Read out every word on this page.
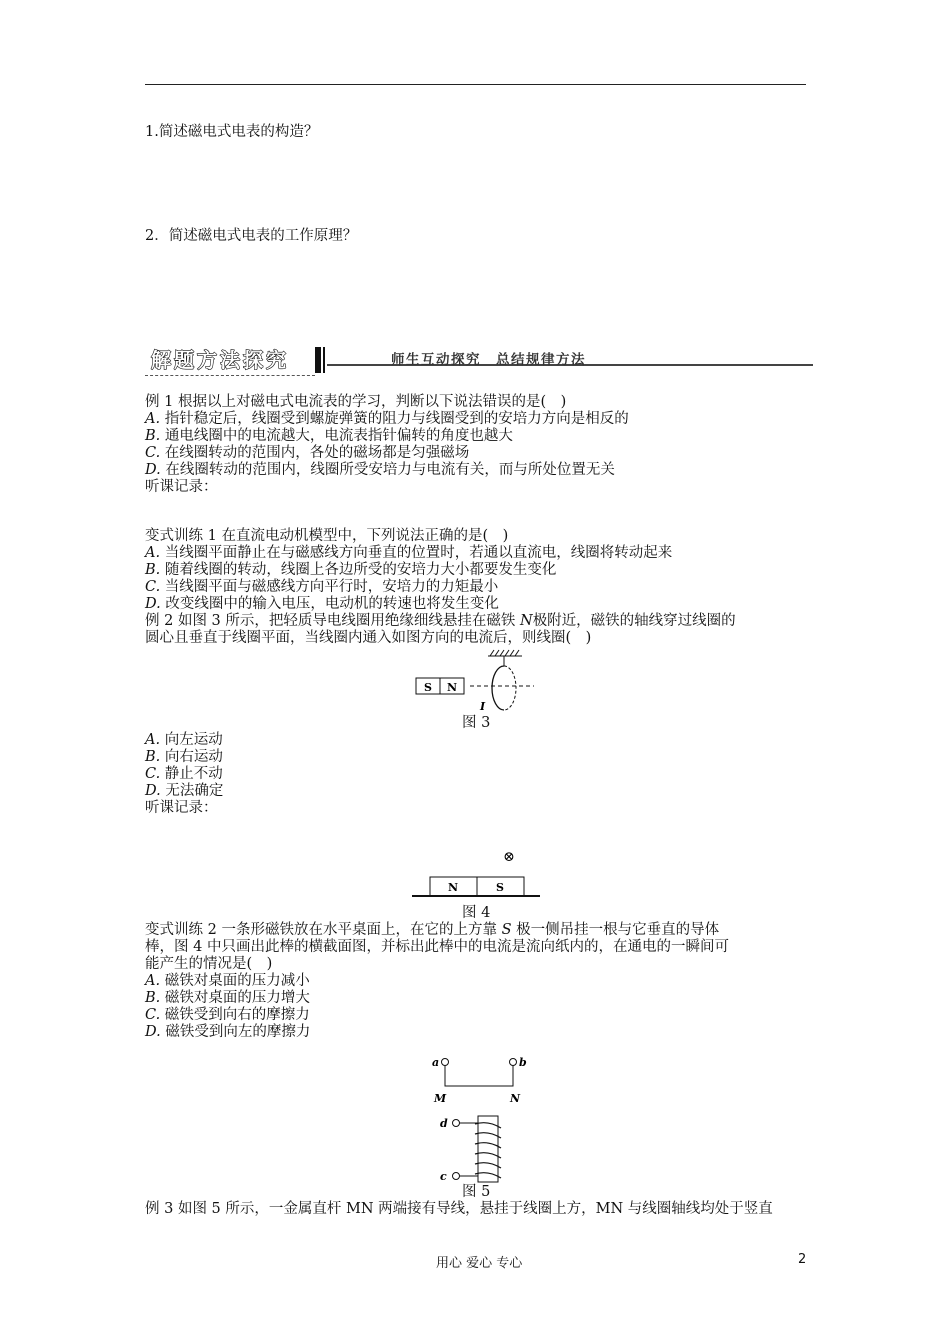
1.简述磁电式电表的构造？
2．简述磁电式电表的工作原理？
解题方法探究	师生互动探究　总结规律方法
例 1 根据以上对磁电式电流表的学习，判断以下说法错误的是(　)
A. 指针稳定后，线圈受到螺旋弹簧的阻力与线圈受到的安培力方向是相反的
B. 通电线圈中的电流越大，电流表指针偏转的角度也越大
C. 在线圈转动的范围内，各处的磁场都是匀强磁场
D. 在线圈转动的范围内，线圈所受安培力与电流有关，而与所处位置无关
听课记录：
变式训练 1 在直流电动机模型中，下列说法正确的是(　)
A. 当线圈平面静止在与磁感线方向垂直的位置时，若通以直流电，线圈将转动起来
B. 随着线圈的转动，线圈上各边所受的安培力大小都要发生变化
C. 当线圈平面与磁感线方向平行时，安培力的力矩最小
D. 改变线圈中的输入电压，电动机的转速也将发生变化
例 2 如图 3 所示，把轻质导电线圈用绝缘细线悬挂在磁铁 N极附近，磁铁的轴线穿过线圈的
圆心且垂直于线圈平面，当线圈内通入如图方向的电流后，则线圈(　)
S N
I
图 3
A. 向左运动
B. 向右运动
C. 静止不动
D. 无法确定
听课记录：
⊗
N	S
图 4
变式训练 2 一条形磁铁放在水平桌面上，在它的上方靠 S 极一侧吊挂一根与它垂直的导体
棒，图 4 中只画出此棒的横截面图，并标出此棒中的电流是流向纸内的，在通电的一瞬间可
能产生的情况是(　)
A. 磁铁对桌面的压力减小
B. 磁铁对桌面的压力增大
C. 磁铁受到向右的摩擦力
D. 磁铁受到向左的摩擦力
a	b
M	N
d
c
图 5
例 3 如图 5 所示，一金属直杆 MN 两端接有导线，悬挂于线圈上方，MN 与线圈轴线均处于竖直
用心 爱心 专心	2
